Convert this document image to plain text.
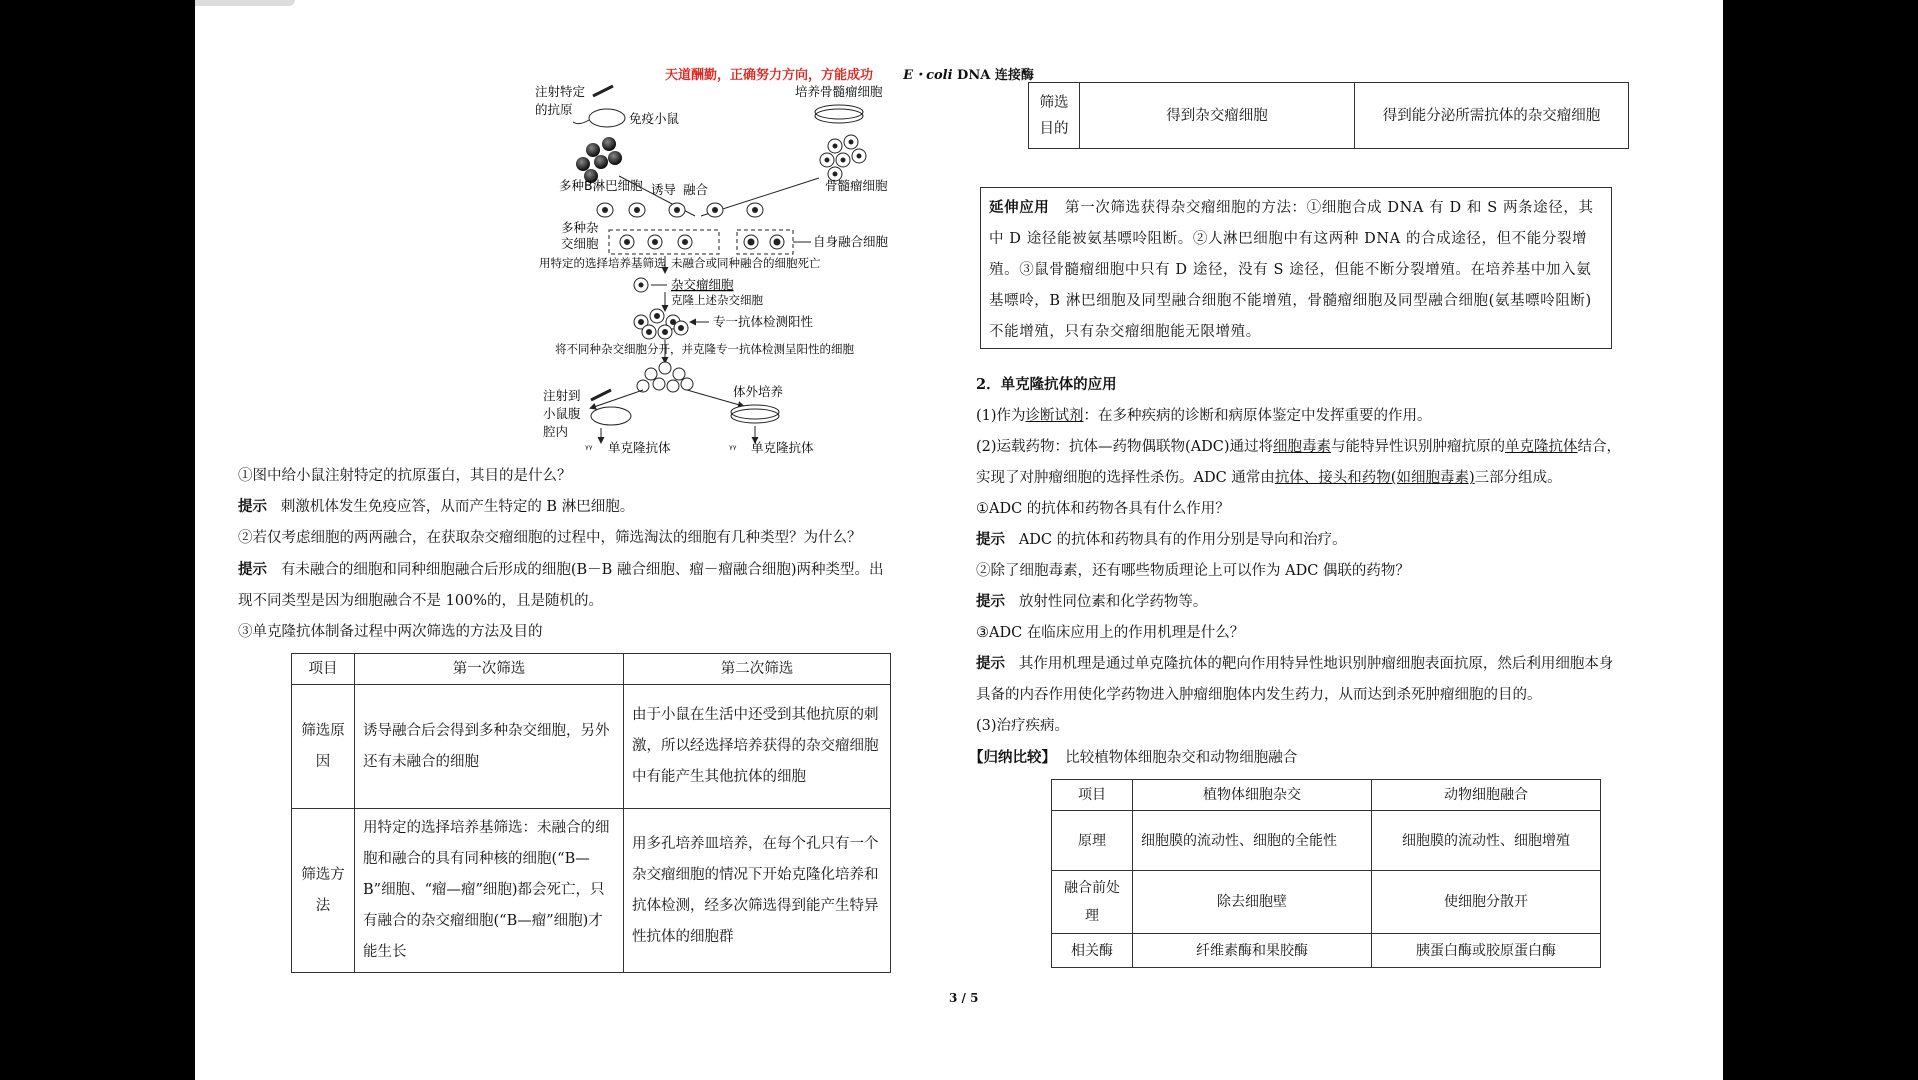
天道酬勤，正确努力方向，方能成功 E・coli DNA 连接酶
注射特定
的抗原
免疫小鼠
培养骨髓瘤细胞
多种B淋巴细胞 诱导 融合	骨髓瘤细胞
多种杂
交细胞	自身融合细胞
用特定的选择培养基筛选 未融合或同种融合的细胞死亡
杂交瘤细胞
克隆上述杂交细胞
专一抗体检测阳性
将不同种杂交细胞分开，并克隆专一抗体检测呈阳性的细胞
注射到
小鼠腹
腔内
体外培养
ᵞᵞ 单克隆抗体	ᵞᵞ 单克隆抗体
①图中给小鼠注射特定的抗原蛋白，其目的是什么？
提示 刺激机体发生免疫应答，从而产生特定的 B 淋巴细胞。
②若仅考虑细胞的两两融合，在获取杂交瘤细胞的过程中，筛选淘汰的细胞有几种类型？为什么？
提示 有未融合的细胞和同种细胞融合后形成的细胞(B－B 融合细胞、瘤－瘤融合细胞)两种类型。出
现不同类型是因为细胞融合不是 100%的，且是随机的。
③单克隆抗体制备过程中两次筛选的方法及目的
项目	第一次筛选	第二次筛选
筛选原因	诱导融合后会得到多种杂交细胞，另外还有未融合的细胞	由于小鼠在生活中还受到其他抗原的刺激，所以经选择培养获得的杂交瘤细胞中有能产生其他抗体的细胞
筛选方法	用特定的选择培养基筛选：未融合的细胞和融合的具有同种核的细胞(“B—B”细胞、“瘤—瘤”细胞)都会死亡，只有融合的杂交瘤细胞(“B—瘤”细胞)才能生长	用多孔培养皿培养，在每个孔只有一个杂交瘤细胞的情况下开始克隆化培养和抗体检测，经多次筛选得到能产生特异性抗体的细胞群
筛选目的	得到杂交瘤细胞	得到能分泌所需抗体的杂交瘤细胞
延伸应用 第一次筛选获得杂交瘤细胞的方法：①细胞合成 DNA 有 D 和 S 两条途径，其中 D 途径能被氨基嘌呤阻断。②人淋巴细胞中有这两种 DNA 的合成途径，但不能分裂增殖。③鼠骨髓瘤细胞中只有 D 途径，没有 S 途径，但能不断分裂增殖。在培养基中加入氨基嘌呤，B 淋巴细胞及同型融合细胞不能增殖，骨髓瘤细胞及同型融合细胞(氨基嘌呤阻断)不能增殖，只有杂交瘤细胞能无限增殖。
2．单克隆抗体的应用
(1)作为诊断试剂：在多种疾病的诊断和病原体鉴定中发挥重要的作用。
(2)运载药物：抗体—药物偶联物(ADC)通过将细胞毒素与能特异性识别肿瘤抗原的单克隆抗体结合，
实现了对肿瘤细胞的选择性杀伤。ADC 通常由抗体、接头和药物(如细胞毒素)三部分组成。
①ADC 的抗体和药物各具有什么作用？
提示 ADC 的抗体和药物具有的作用分别是导向和治疗。
②除了细胞毒素，还有哪些物质理论上可以作为 ADC 偶联的药物？
提示 放射性同位素和化学药物等。
③ADC 在临床应用上的作用机理是什么？
提示 其作用机理是通过单克隆抗体的靶向作用特异性地识别肿瘤细胞表面抗原，然后利用细胞本身
具备的内吞作用使化学药物进入肿瘤细胞体内发生药力，从而达到杀死肿瘤细胞的目的。
(3)治疗疾病。
【归纳比较】 比较植物体细胞杂交和动物细胞融合
项目	植物体细胞杂交	动物细胞融合
原理	细胞膜的流动性、细胞的全能性	细胞膜的流动性、细胞增殖
融合前处理	除去细胞壁	使细胞分散开
相关酶	纤维素酶和果胶酶	胰蛋白酶或胶原蛋白酶
3 / 5
